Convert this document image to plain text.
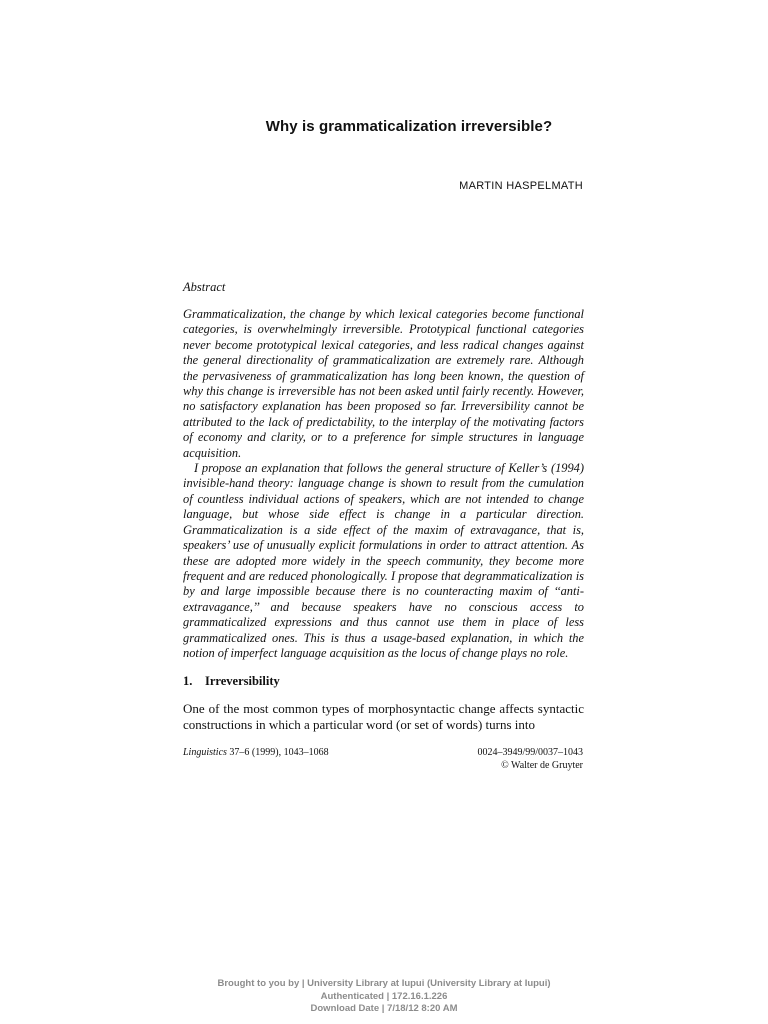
Why is grammaticalization irreversible?
MARTIN HASPELMATH
Abstract

Grammaticalization, the change by which lexical categories become functional categories, is overwhelmingly irreversible. Prototypical functional categories never become prototypical lexical categories, and less radical changes against the general directionality of grammaticalization are extremely rare. Although the pervasiveness of grammaticalization has long been known, the question of why this change is irreversible has not been asked until fairly recently. However, no satisfactory explanation has been proposed so far. Irreversibility cannot be attributed to the lack of predictability, to the interplay of the motivating factors of economy and clarity, or to a preference for simple structures in language acquisition.

I propose an explanation that follows the general structure of Keller’s (1994) invisible-hand theory: language change is shown to result from the cumulation of countless individual actions of speakers, which are not intended to change language, but whose side effect is change in a particular direction. Grammaticalization is a side effect of the maxim of extravagance, that is, speakers’ use of unusually explicit formulations in order to attract attention. As these are adopted more widely in the speech community, they become more frequent and are reduced phonologically. I propose that degrammaticalization is by and large impossible because there is no counteracting maxim of ‘‘anti-extravagance,’’ and because speakers have no conscious access to grammaticalized expressions and thus cannot use them in place of less grammaticalized ones. This is thus a usage-based explanation, in which the notion of imperfect language acquisition as the locus of change plays no role.

1. Irreversibility

One of the most common types of morphosyntactic change affects syntactic constructions in which a particular word (or set of words) turns into

Linguistics 37–6 (1999), 1043–1068	0024–3949/99/0037–1043
© Walter de Gruyter
Brought to you by | University Library at Iupui (University Library at Iupui)
Authenticated | 172.16.1.226
Download Date | 7/18/12 8:20 AM
